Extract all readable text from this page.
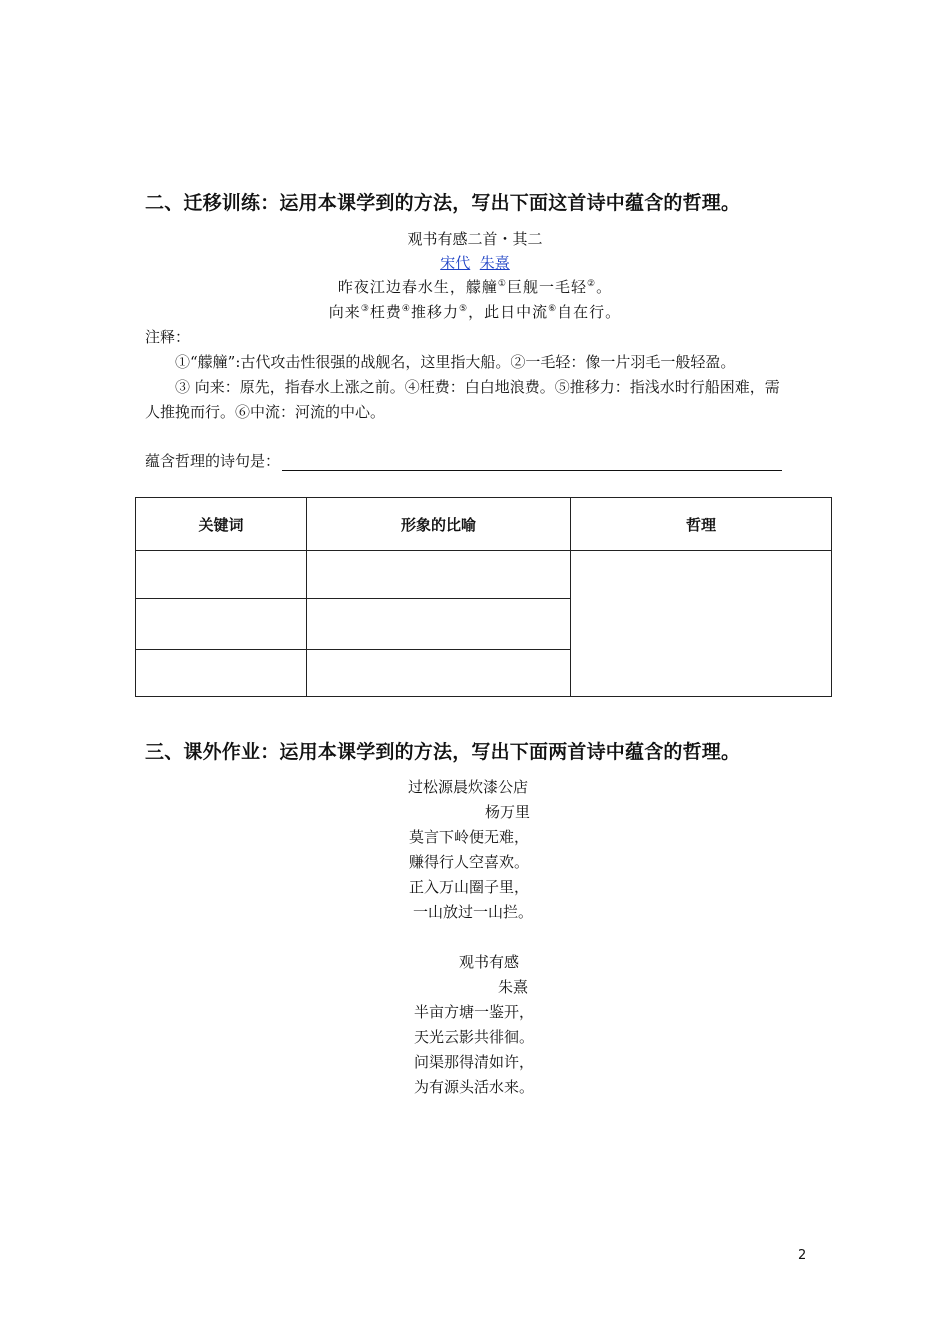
二、迁移训练：运用本课学到的方法，写出下面这首诗中蕴含的哲理。
观书有感二首・其二
宋代 朱熹
昨夜江边春水生，艨艟①巨舰一毛轻②。
向来③枉费④推移力⑤，此日中流⑥自在行。
注释：
①“艨艟”:古代攻击性很强的战舰名，这里指大船。②一毛轻：像一片羽毛一般轻盈。
③ 向来：原先，指春水上涨之前。④枉费：白白地浪费。⑤推移力：指浅水时行船困难，需
人推挽而行。⑥中流：河流的中心。
蕴含哲理的诗句是：
关键词	形象的比喻	哲理

三、课外作业：运用本课学到的方法，写出下面两首诗中蕴含的哲理。
过松源晨炊漆公店
杨万里
莫言下岭便无难，
赚得行人空喜欢。
正入万山圈子里，
一山放过一山拦。
观书有感
朱熹
半亩方塘一鉴开，
天光云影共徘徊。
问渠那得清如许，
为有源头活水来。
2
